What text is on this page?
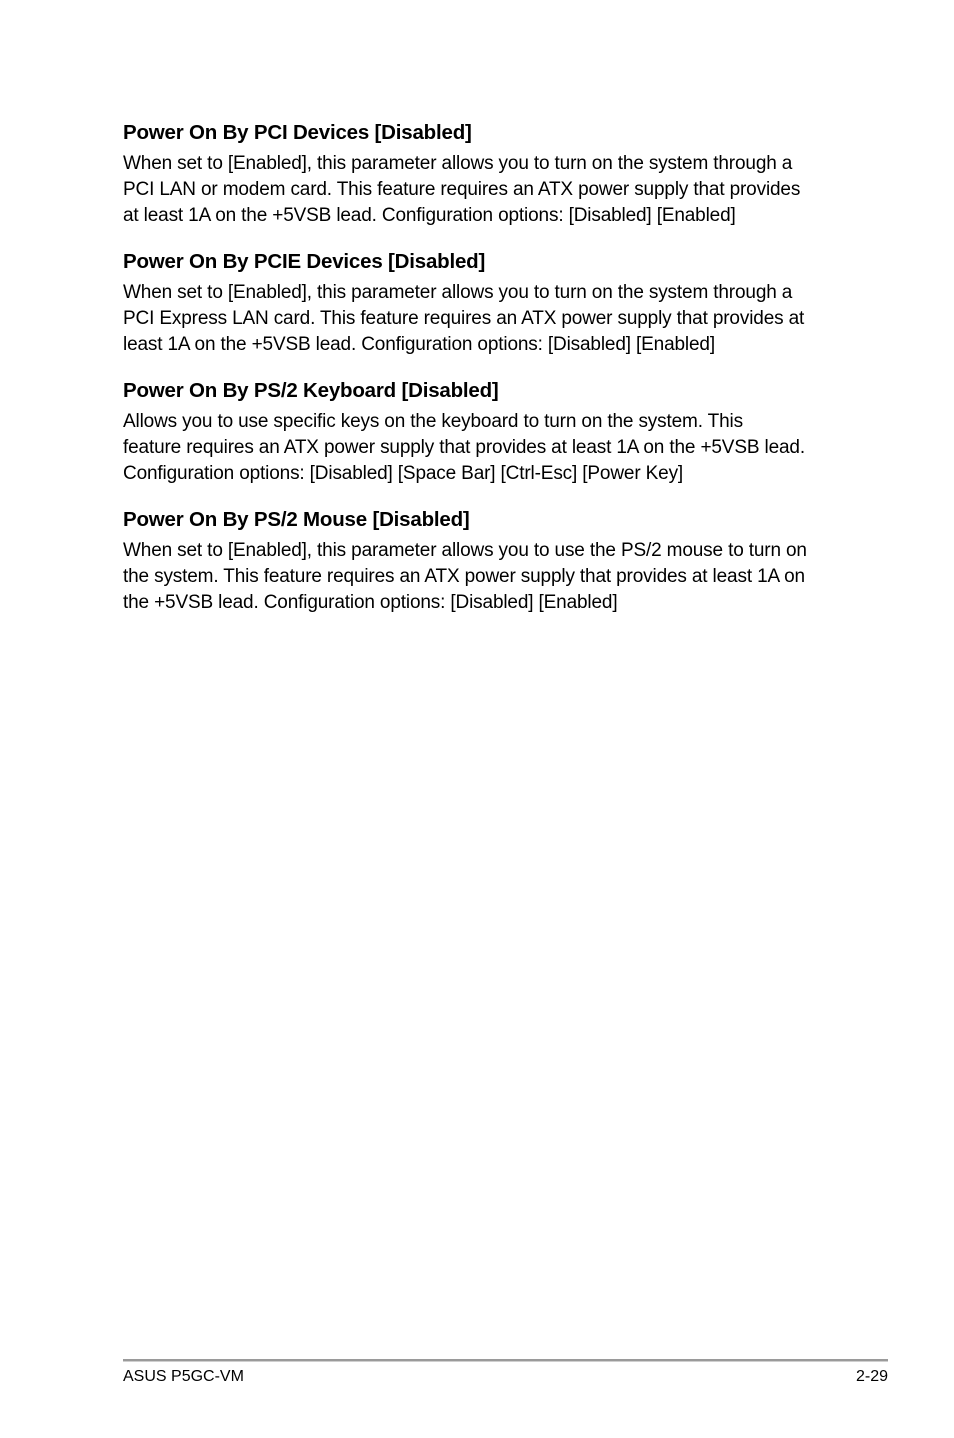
Power On By PCI Devices [Disabled]

When set to [Enabled], this parameter allows you to turn on the system through a
PCI LAN or modem card. This feature requires an ATX power supply that provides
at least 1A on the +5VSB lead. Configuration options: [Disabled] [Enabled]

Power On By PCIE Devices [Disabled]

When set to [Enabled], this parameter allows you to turn on the system through a
PCI Express LAN card. This feature requires an ATX power supply that provides at
least 1A on the +5VSB lead. Configuration options: [Disabled] [Enabled]

Power On By PS/2 Keyboard [Disabled]

Allows you to use specific keys on the keyboard to turn on the system. This
feature requires an ATX power supply that provides at least 1A on the +5VSB lead.
Configuration options: [Disabled] [Space Bar] [Ctrl-Esc] [Power Key]

Power On By PS/2 Mouse [Disabled]

When set to [Enabled], this parameter allows you to use the PS/2 mouse to turn on
the system. This feature requires an ATX power supply that provides at least 1A on
the +5VSB lead. Configuration options: [Disabled] [Enabled]

ASUS P5GC-VM	2-29
